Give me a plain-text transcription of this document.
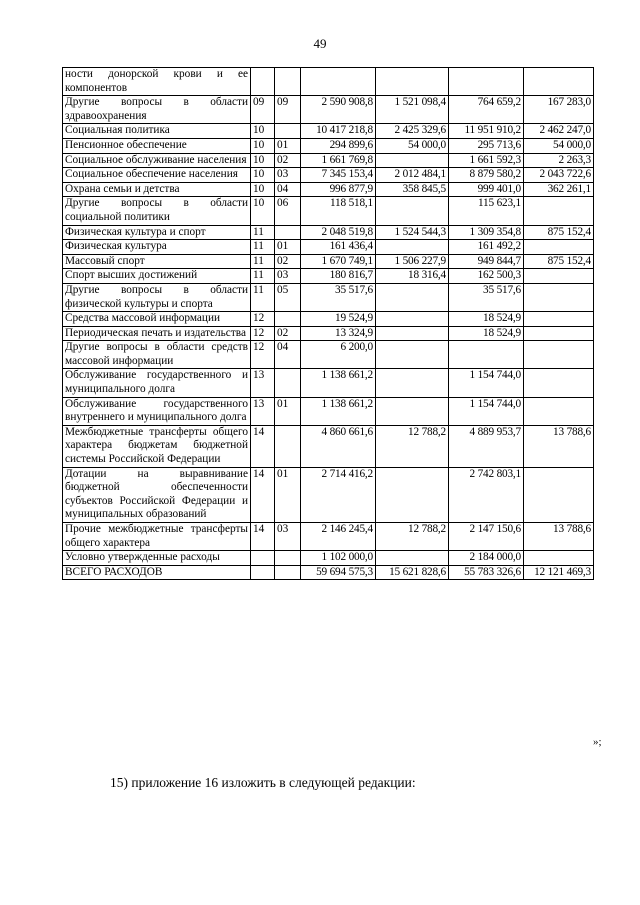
49
ности донорской крови и ее компонентов						
Другие вопросы в области здравоохранения	09	09	2 590 908,8	1 521 098,4	764 659,2	167 283,0
Социальная политика	10		10 417 218,8	2 425 329,6	11 951 910,2	2 462 247,0
Пенсионное обеспечение	10	01	294 899,6	54 000,0	295 713,6	54 000,0
Социальное обслуживание населения	10	02	1 661 769,8		1 661 592,3	2 263,3
Социальное обеспечение населения	10	03	7 345 153,4	2 012 484,1	8 879 580,2	2 043 722,6
Охрана семьи и детства	10	04	996 877,9	358 845,5	999 401,0	362 261,1
Другие вопросы в области социальной политики	10	06	118 518,1		115 623,1	
Физическая культура и спорт	11		2 048 519,8	1 524 544,3	1 309 354,8	875 152,4
Физическая культура	11	01	161 436,4		161 492,2	
Массовый спорт	11	02	1 670 749,1	1 506 227,9	949 844,7	875 152,4
Спорт высших достижений	11	03	180 816,7	18 316,4	162 500,3	
Другие вопросы в области физической культуры и спорта	11	05	35 517,6		35 517,6	
Средства массовой информации	12		19 524,9		18 524,9	
Периодическая печать и издательства	12	02	13 324,9		18 524,9	
Другие вопросы в области средств массовой информации	12	04	6 200,0			
Обслуживание государственного и муниципального долга	13		1 138 661,2		1 154 744,0	
Обслуживание государственного внутреннего и муниципального долга	13	01	1 138 661,2		1 154 744,0	
Межбюджетные трансферты общего характера бюджетам бюджетной системы Российской Федерации	14		4 860 661,6	12 788,2	4 889 953,7	13 788,6
Дотации на выравнивание бюджетной обеспеченности субъектов Российской Федерации и муниципальных образований	14	01	2 714 416,2		2 742 803,1	
Прочие межбюджетные трансферты общего характера	14	03	2 146 245,4	12 788,2	2 147 150,6	13 788,6
Условно утвержденные расходы			1 102 000,0		2 184 000,0	
ВСЕГО РАСХОДОВ			59 694 575,3	15 621 828,6	55 783 326,6	12 121 469,3
»;
15) приложение 16 изложить в следующей редакции:
